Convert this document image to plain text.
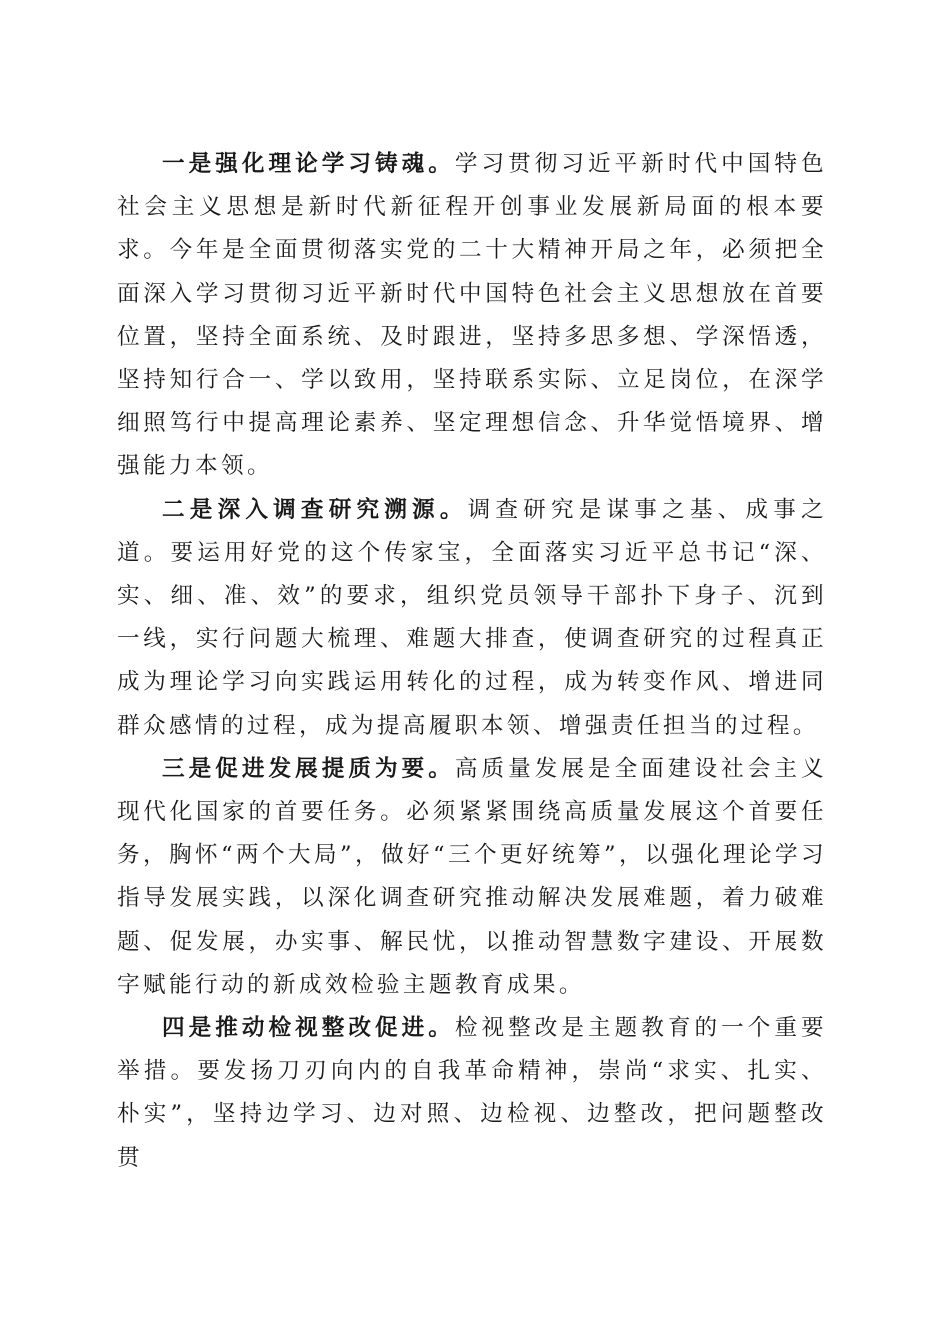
一是强化理论学习铸魂。学习贯彻习近平新时代中国特色社会主义思想是新时代新征程开创事业发展新局面的根本要求。今年是全面贯彻落实党的二十大精神开局之年，必须把全面深入学习贯彻习近平新时代中国特色社会主义思想放在首要位置，坚持全面系统、及时跟进，坚持多思多想、学深悟透，坚持知行合一、学以致用，坚持联系实际、立足岗位，在深学细照笃行中提高理论素养、坚定理想信念、升华觉悟境界、增强能力本领。

二是深入调查研究溯源。调查研究是谋事之基、成事之道。要运用好党的这个传家宝，全面落实习近平总书记“深、实、细、准、效”的要求，组织党员领导干部扑下身子、沉到一线，实行问题大梳理、难题大排查，使调查研究的过程真正成为理论学习向实践运用转化的过程，成为转变作风、增进同群众感情的过程，成为提高履职本领、增强责任担当的过程。

三是促进发展提质为要。高质量发展是全面建设社会主义现代化国家的首要任务。必须紧紧围绕高质量发展这个首要任务，胸怀“两个大局”，做好“三个更好统筹”，以强化理论学习指导发展实践，以深化调查研究推动解决发展难题，着力破难题、促发展，办实事、解民忧，以推动智慧数字建设、开展数字赋能行动的新成效检验主题教育成果。

四是推动检视整改促进。检视整改是主题教育的一个重要举措。要发扬刀刃向内的自我革命精神，崇尚“求实、扎实、朴实”，坚持边学习、边对照、边检视、边整改，把问题整改贯
